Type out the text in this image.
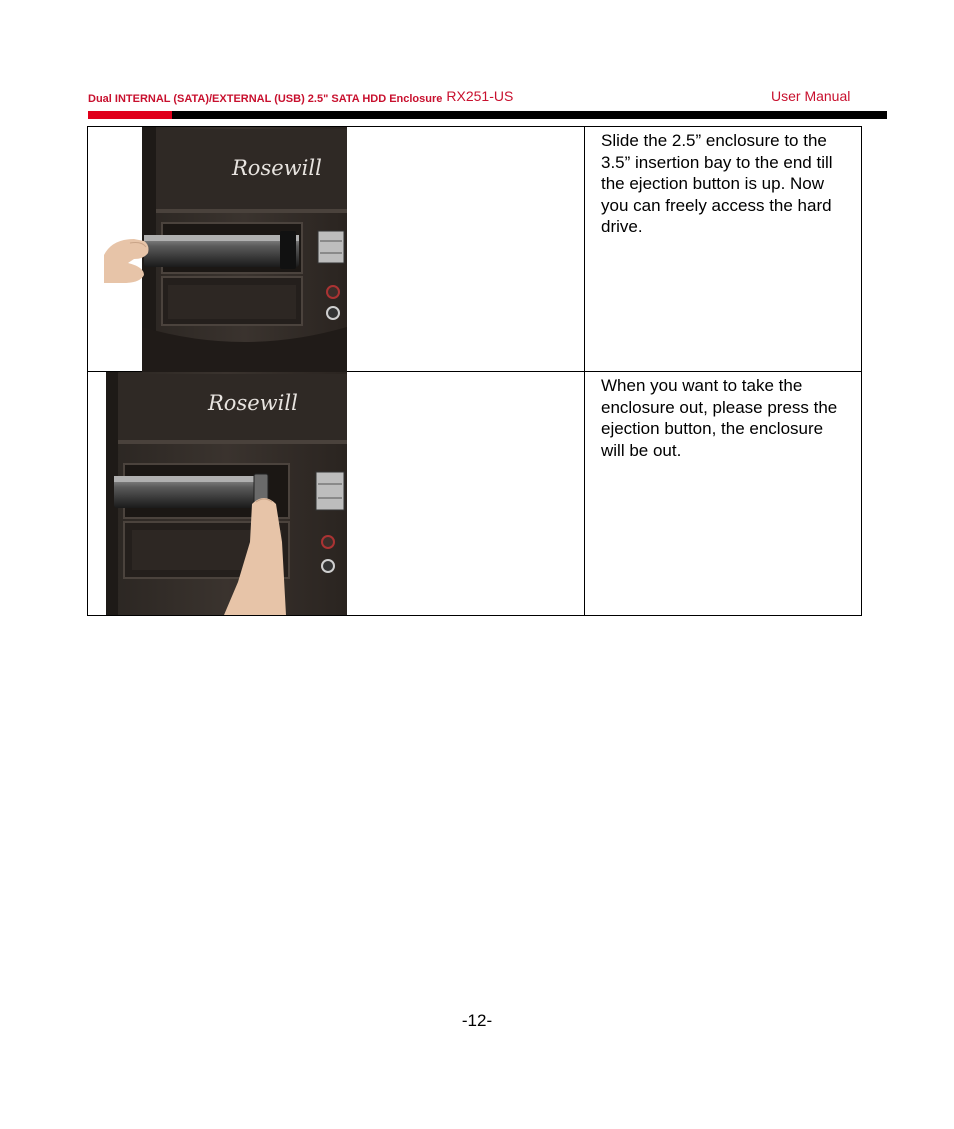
Dual INTERNAL (SATA)/EXTERNAL (USB) 2.5" SATA HDD Enclosure RX251-US	User Manual
Rosewill
Slide the 2.5” enclosure to the 3.5” insertion bay to the end till the ejection button is up. Now you can freely access the hard drive.
Rosewill
When you want to take the enclosure out, please press the ejection button, the enclosure will be out.
-12-
